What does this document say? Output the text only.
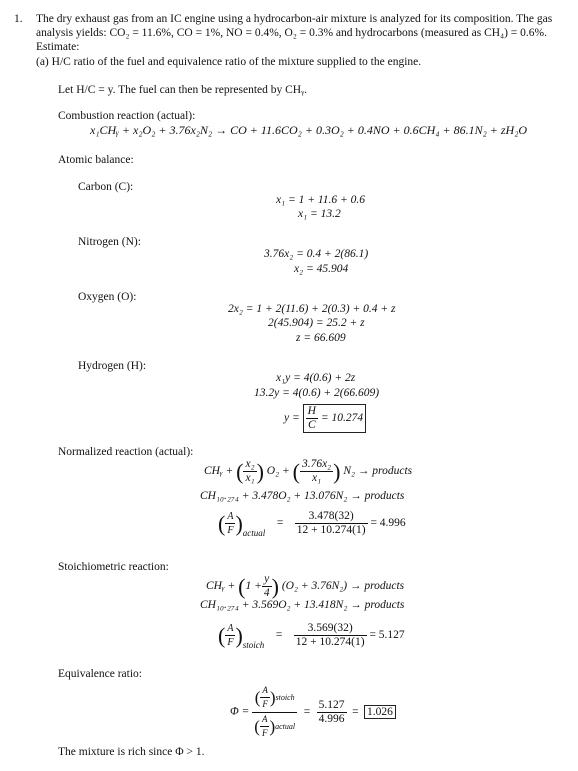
1. The dry exhaust gas from an IC engine using a hydrocarbon-air mixture is analyzed for its composition. The gas
analysis yields: CO₂ = 11.6%, CO = 1%, NO = 0.4%, O₂ = 0.3% and hydrocarbons (measured as CH₄) = 0.6%.
Estimate:
(a) H/C ratio of the fuel and equivalence ratio of the mixture supplied to the engine.
Let H/C = y. The fuel can then be represented by CHᵧ.
Combustion reaction (actual):
x₁CHᵧ + x₂O₂ + 3.76x₂N₂ → CO + 11.6CO₂ + 0.3O₂ + 0.4NO + 0.6CH₄ + 86.1N₂ + zH₂O
Atomic balance:
Carbon (C):
x₁ = 1 + 11.6 + 0.6
x₁ = 13.2
Nitrogen (N):
3.76x₂ = 0.4 + 2(86.1)
x₂ = 45.904
Oxygen (O):
2x₂ = 1 + 2(11.6) + 2(0.3) + 0.4 + z
2(45.904) = 25.2 + z
z = 66.609
Hydrogen (H):
x₁y = 4(0.6) + 2z
13.2y = 4(0.6) + 2(66.609)
$y = \frac{H}{C} = 10.274$
Normalized reaction (actual):
CHᵧ + ( $\frac{\text{x₂}}{\text{x₁}}$ ) O₂ + ( $\frac{\text{3.76x₂}}{\text{x₁}}$ ) N₂ → products
CH₁₀.₂₇₄ + 3.478O₂ + 13.076N₂ → products
( $\frac{A}{F} )_{actual} = \frac{3.478(32)}{12 + 10.274(1)} = 4.996$
Stoichiometric reaction:
CHᵧ + ($1 + \frac{y}{4}$ ) (O₂ + 3.76N₂) → products
CH₁₀.₂₇₄ + 3.569O₂ + 13.418N₂ → products
( $\frac{A}{F} )_{stoich} = \frac{3.569(32)}{12 + 10.274(1)} = 5.127$
Equivalence ratio:
$\Phi = \frac{( \frac{A}{F} )stoich}{( \frac{A}{F} )actual} = \frac{5.127}{4.996} = 1.026$
The mixture is rich since Φ > 1.
